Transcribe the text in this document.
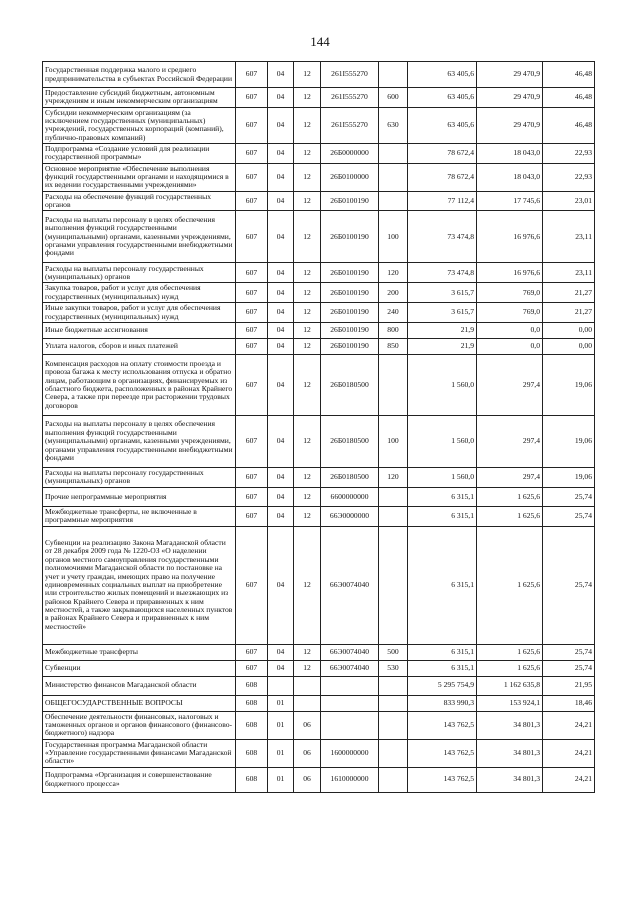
144
Государственная поддержка малого и среднего предпринимательства в субъектах Российской Федерации	607	04	12	261I555270		63 405,6	29 470,9	46,48
Предоставление субсидий бюджетным, автономным учреждениям и иным некоммерческим организациям	607	04	12	261I555270	600	63 405,6	29 470,9	46,48
Субсидии некоммерческим организациям (за исключением государственных (муниципальных) учреждений, государственных корпораций (компаний), публично-правовых компаний)	607	04	12	261I555270	630	63 405,6	29 470,9	46,48
Подпрограмма «Создание условий для реализации государственной программы»	607	04	12	26Б0000000		78 672,4	18 043,0	22,93
Основное мероприятие «Обеспечение выполнения функций государственными органами и находящимися в их ведении государственными учреждениями»	607	04	12	26Б0100000		78 672,4	18 043,0	22,93
Расходы на обеспечение функций государственных органов	607	04	12	26Б0100190		77 112,4	17 745,6	23,01
Расходы на выплаты персоналу в целях обеспечения выполнения функций государственными (муниципальными) органами, казенными учреждениями, органами управления государственными внебюджетными фондами	607	04	12	26Б0100190	100	73 474,8	16 976,6	23,11
Расходы на выплаты персоналу государственных (муниципальных) органов	607	04	12	26Б0100190	120	73 474,8	16 976,6	23,11
Закупка товаров, работ и услуг для обеспечения государственных (муниципальных) нужд	607	04	12	26Б0100190	200	3 615,7	769,0	21,27
Иные закупки товаров, работ и услуг для обеспечения государственных (муниципальных) нужд	607	04	12	26Б0100190	240	3 615,7	769,0	21,27
Иные бюджетные ассигнования	607	04	12	26Б0100190	800	21,9	0,0	0,00
Уплата налогов, сборов и иных платежей	607	04	12	26Б0100190	850	21,9	0,0	0,00
Компенсация расходов на оплату стоимости проезда и провоза багажа к месту использования отпуска и обратно лицам, работающим в организациях, финансируемых из областного бюджета, расположенных в районах Крайнего Севера, а также при переезде при расторжении трудовых договоров	607	04	12	26Б0180500		1 560,0	297,4	19,06
Расходы на выплаты персоналу в целях обеспечения выполнения функций государственными (муниципальными) органами, казенными учреждениями, органами управления государственными внебюджетными фондами	607	04	12	26Б0180500	100	1 560,0	297,4	19,06
Расходы на выплаты персоналу государственных (муниципальных) органов	607	04	12	26Б0180500	120	1 560,0	297,4	19,06
Прочие непрограммные мероприятия	607	04	12	6600000000		6 315,1	1 625,6	25,74
Межбюджетные трансферты, не включенные в программные мероприятия	607	04	12	66Э0000000		6 315,1	1 625,6	25,74
Субвенции на реализацию Закона Магаданской области от 28 декабря 2009 года № 1220-ОЗ «О наделении органов местного самоуправления государственными полномочиями Магаданской области по постановке на учет и учету граждан, имеющих право на получение единовременных социальных выплат на приобретение или строительство жилых помещений и выезжающих из районов Крайнего Севера и приравненных к ним местностей, а также закрывающихся населенных пунктов в районах Крайнего Севера и приравненных к ним местностей»	607	04	12	66Э0074040		6 315,1	1 625,6	25,74
Межбюджетные трансферты	607	04	12	66Э0074040	500	6 315,1	1 625,6	25,74
Субвенции	607	04	12	66Э0074040	530	6 315,1	1 625,6	25,74
Министерство финансов Магаданской области	608					5 295 754,9	1 162 635,8	21,95
ОБЩЕГОСУДАРСТВЕННЫЕ ВОПРОСЫ	608	01				833 990,3	153 924,1	18,46
Обеспечение деятельности финансовых, налоговых и таможенных органов и органов финансового (финансово-бюджетного) надзора	608	01	06			143 762,5	34 801,3	24,21
Государственная программа Магаданской области «Управление государственными финансами Магаданской области»	608	01	06	1600000000		143 762,5	34 801,3	24,21
Подпрограмма «Организация и совершенствование бюджетного процесса»	608	01	06	1610000000		143 762,5	34 801,3	24,21
